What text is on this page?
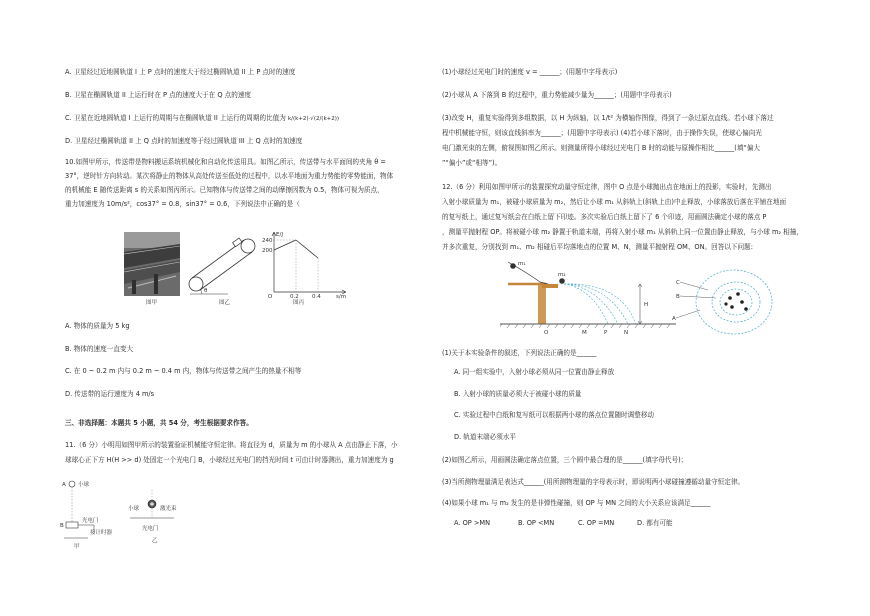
A. 卫星经过近地圆轨道 I 上 P 点时的速度大于经过椭圆轨道 II 上 P 点时的速度
B. 卫星在椭圆轨道 II 上运行时在 P 点的速度大于在 Q 点的速度
C. 卫星在近地圆轨道 I 上运行的周期与在椭圆轨道 II 上运行的周期的比值为 k/(k+2)·√(2/(k+2))
D. 卫星经过椭圆轨道 II 上 Q 点时的加速度等于经过圆轨道 III 上 Q 点时的加速度
10.如图甲所示，传送带是物料搬运系统机械化和自动化传送用具。如图乙所示，传送带与水平面间的夹角 θ =
37°，逆时针方向转动。某次将静止的物体从高处传送至低处的过程中，以水平地面为重力势能的零势能面，物体
的机械能 E 随传送距离 s 的关系如图丙所示。已知物体与传送带之间的动摩擦因数为 0.5，物体可视为质点，
重力加速度为 10m/s²，cos37° = 0.8，sin37° = 0.6，下列说法中正确的是（
图甲
θ
图乙
E/J
240
200
O	0.2 0.4	s/m
图丙
A. 物体的质量为 5 kg
B. 物体的速度一直变大
C. 在 0 ~ 0.2 m 内与 0.2 m ~ 0.4 m 内，物体与传送带之间产生的热量不相等
D. 传送带的运行速度为 4 m/s
三、非选择题：本题共 5 小题，共 54 分，考生根据要求作答。
11.（6 分）小明用如图甲所示的装置验证机械能守恒定律。将直径为 d，质量为 m 的小球从 A 点由静止下落，小
球球心正下方 H(H >> d) 处固定一个光电门 B，小球经过光电门的挡光时间 t 可由计时器测出，重力加速度为 g
A 小球
B
光电门
接计时器
甲
小球	激光束
光电门
乙
(1)小球经过光电门时的速度 v = ______；(用题中字母表示)
(2)小球从 A 下落到 B 的过程中，重力势能减少量为______；(用题中字母表示)
(3)改变 H，重复实验得到多组数据，以 H 为纵轴，以 1/t² 为横轴作图像，得到了一条过原点直线。若小球下落过
程中机械能守恒，则该直线斜率为______；(用题中字母表示) (4)若小球下落时，由于操作失误，使球心偏向光
电门激光束的左侧，俯视图如图乙所示。则测量所得小球经过光电门 B 时的动能与原操作相比______(填“偏大
”“偏小”或“相等”)。
12.（6 分）利用如图甲所示的装置探究动量守恒定律，图中 O 点是小球抛出点在地面上的投影，实验时，先测出
入射小球质量为 m₁，被碰小球质量为 m₂，然后让小球 m₁ 从斜轨上(斜轨上由)中止释放，小球落放后落在平铺在地面
的复写纸上，通过复写纸会在白纸上留下印迹。多次实验后白纸上留下了 6 个印迹，用画圆法确定小球的落点 P
，测量平抛射程 OP。将被碰小球 m₂ 静置于轨道末端，再将入射小球 m₁ 从斜轨上同一位置由静止释放，与小球 m₂ 相撞，
并多次重复，分别找到 m₁、m₂ 相碰后平均落地点的位置 M、N，测量平抛射程 OM、ON。回答以下问题:
m₁
m₂
H
O	M	P	N
C
B
A
(1)关于本实验条件的叙述，下列说法正确的是______
A. 同一组实验中，入射小球必须从同一位置由静止释放
B. 入射小球的质量必须大于被碰小球的质量
C. 实验过程中白纸和复写纸可以根据两小球的落点位置随时调整移动
D. 轨道末端必须水平
(2)如图乙所示，用画圆法确定落点位置，三个圆中最合理的是______(填字母代号)；
(3)当所测物理量满足表达式______(用所测物理量的字母表示时，即说明两小球碰撞遵循动量守恒定律。
(4)如果小球 m₁ 与 m₂ 发生的是非弹性碰撞，则 OP 与 MN 之间的大小关系应该满足______
A. OP >MN	B. OP <MN	C. OP =MN	D. 都有可能
